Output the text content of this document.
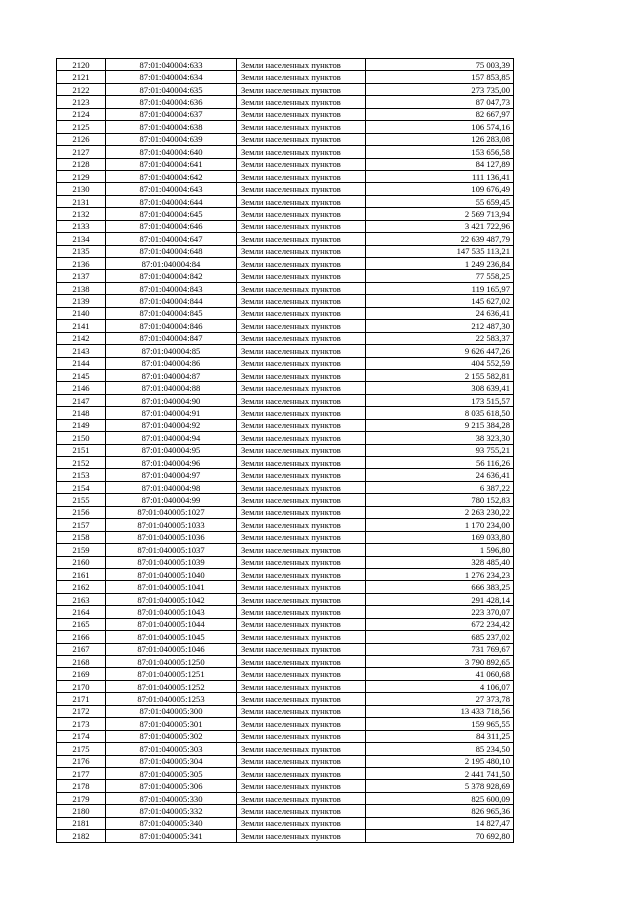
2120	87:01:040004:633	Земли населенных пунктов	75 003,39
2121	87:01:040004:634	Земли населенных пунктов	157 853,85
2122	87:01:040004:635	Земли населенных пунктов	273 735,00
2123	87:01:040004:636	Земли населенных пунктов	87 047,73
2124	87:01:040004:637	Земли населенных пунктов	82 667,97
2125	87:01:040004:638	Земли населенных пунктов	106 574,16
2126	87:01:040004:639	Земли населенных пунктов	126 283,08
2127	87:01:040004:640	Земли населенных пунктов	153 656,58
2128	87:01:040004:641	Земли населенных пунктов	84 127,89
2129	87:01:040004:642	Земли населенных пунктов	111 136,41
2130	87:01:040004:643	Земли населенных пунктов	109 676,49
2131	87:01:040004:644	Земли населенных пунктов	55 659,45
2132	87:01:040004:645	Земли населенных пунктов	2 569 713,94
2133	87:01:040004:646	Земли населенных пунктов	3 421 722,96
2134	87:01:040004:647	Земли населенных пунктов	22 639 487,79
2135	87:01:040004:648	Земли населенных пунктов	147 535 113,21
2136	87:01:040004:84	Земли населенных пунктов	1 249 236,84
2137	87:01:040004:842	Земли населенных пунктов	77 558,25
2138	87:01:040004:843	Земли населенных пунктов	119 165,97
2139	87:01:040004:844	Земли населенных пунктов	145 627,02
2140	87:01:040004:845	Земли населенных пунктов	24 636,41
2141	87:01:040004:846	Земли населенных пунктов	212 487,30
2142	87:01:040004:847	Земли населенных пунктов	22 583,37
2143	87:01:040004:85	Земли населенных пунктов	9 626 447,26
2144	87:01:040004:86	Земли населенных пунктов	404 552,59
2145	87:01:040004:87	Земли населенных пунктов	2 155 582,81
2146	87:01:040004:88	Земли населенных пунктов	308 639,41
2147	87:01:040004:90	Земли населенных пунктов	173 515,57
2148	87:01:040004:91	Земли населенных пунктов	8 035 618,50
2149	87:01:040004:92	Земли населенных пунктов	9 215 384,28
2150	87:01:040004:94	Земли населенных пунктов	38 323,30
2151	87:01:040004:95	Земли населенных пунктов	93 755,21
2152	87:01:040004:96	Земли населенных пунктов	56 116,26
2153	87:01:040004:97	Земли населенных пунктов	24 636,41
2154	87:01:040004:98	Земли населенных пунктов	6 387,22
2155	87:01:040004:99	Земли населенных пунктов	780 152,83
2156	87:01:040005:1027	Земли населенных пунктов	2 263 230,22
2157	87:01:040005:1033	Земли населенных пунктов	1 170 234,00
2158	87:01:040005:1036	Земли населенных пунктов	169 033,80
2159	87:01:040005:1037	Земли населенных пунктов	1 596,80
2160	87:01:040005:1039	Земли населенных пунктов	328 485,40
2161	87:01:040005:1040	Земли населенных пунктов	1 276 234,23
2162	87:01:040005:1041	Земли населенных пунктов	666 383,25
2163	87:01:040005:1042	Земли населенных пунктов	291 428,14
2164	87:01:040005:1043	Земли населенных пунктов	223 370,07
2165	87:01:040005:1044	Земли населенных пунктов	672 234,42
2166	87:01:040005:1045	Земли населенных пунктов	685 237,02
2167	87:01:040005:1046	Земли населенных пунктов	731 769,67
2168	87:01:040005:1250	Земли населенных пунктов	3 790 892,65
2169	87:01:040005:1251	Земли населенных пунктов	41 060,68
2170	87:01:040005:1252	Земли населенных пунктов	4 106,07
2171	87:01:040005:1253	Земли населенных пунктов	27 373,78
2172	87:01:040005:300	Земли населенных пунктов	13 433 718,56
2173	87:01:040005:301	Земли населенных пунктов	159 965,55
2174	87:01:040005:302	Земли населенных пунктов	84 311,25
2175	87:01:040005:303	Земли населенных пунктов	85 234,50
2176	87:01:040005:304	Земли населенных пунктов	2 195 480,10
2177	87:01:040005:305	Земли населенных пунктов	2 441 741,50
2178	87:01:040005:306	Земли населенных пунктов	5 378 928,69
2179	87:01:040005:330	Земли населенных пунктов	825 600,09
2180	87:01:040005:332	Земли населенных пунктов	826 965,36
2181	87:01:040005:340	Земли населенных пунктов	14 827,47
2182	87:01:040005:341	Земли населенных пунктов	70 692,80
